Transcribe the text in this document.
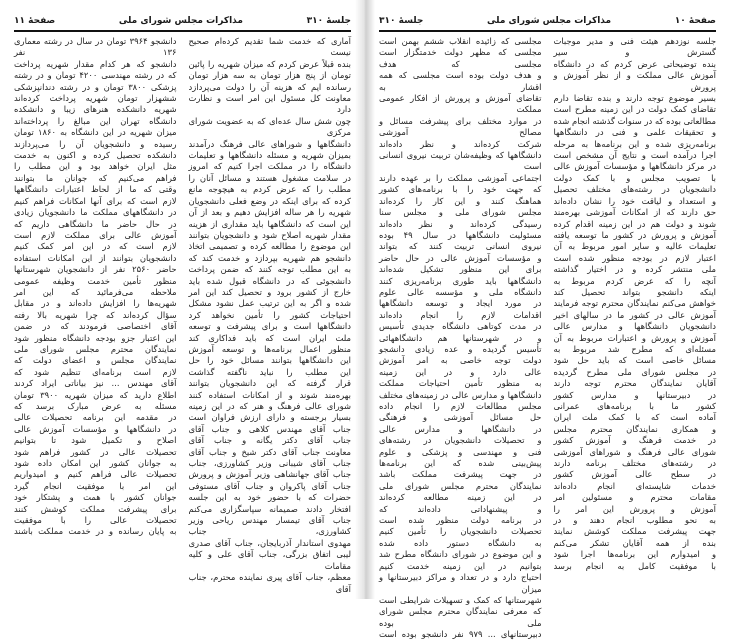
صفحهٔ ۱۱	مذاکرات مجلس شورای ملی	جلسهٔ ۳۱۰
آماری که خدمت شما تقدیم کرده‌ام صحیح نیست
بنده قبلاً عرض کردم که میزان شهریه را پائین
تومان از پنج هزار تومان به سه هزار تومان
رسانده ایم که هزینه آن را دولت می‌پردازد
معاونت کل مسئول این امر است و نظارت دارد
چون شش سال عده‌ای که به عضویت شورای مرکزی
دانشگاهها و شوراهای عالی فرهنگ درآمدند
بمیزان شهریه و مسئله دانشگاهها و تعلیمات
دانشگاه را در مملکت اجرا کنیم که امروز
در سلامت مشغول هستند و مسائل آنان را
مطلب را که عرض کردم به هیچوجه مانع
کرده که برای اینکه در وضع فعلی دانشجویان
شهریه را هر ساله افزایش دهیم و بعد از آن
این است که دانشگاهها باید مقداری از هزینه
مقدار شهریه اصلاح شود و دانشجویان بتوانند
این موضوع را مطالعه کرده و تصمیمی اتخاذ
دانشجو هم شهریه بپردازد و خدمت کند که
به این مطلب توجه کنند که ضمن پرداخت
دانشجوئی که در دانشگاه قبول شده باید
خارج از کشور برود و تحصیل کند این امر
شده و اگر به این ترتیب عمل نشود مشکل
احتیاجات کشور را تأمین نخواهد کرد
دانشگاهها است و برای پیشرفت و توسعه
ملت ایران است که باید فداکاری کند
منظور اعمال برنامه‌ها و توسعه آموزش
این دانشگاهها بتوانند مسائل خود را حل
این مطلب را نباید ناگفته گذاشت
قرار گرفته که این دانشجویان بتوانند
بهره‌مند شوند و از امکانات استفاده کنند
شورای عالی فرهنگ و هنر که در این زمینه
بسیار برجسته و دارای ارزش فراوان است
جناب آقای مهندس کلاهی و جناب آقای
جناب آقای دکتر یگانه و جناب آقای
معاونت جناب آقای دکتر شیخ و جناب آقای
جناب آقای شیبانی وزیر کشاورزی، جناب
جناب آقای جهانشاهی وزیر آموزش و پرورش
جناب آقای پاکروان و جناب آقای مستوفی
حضرات که با حضور خود به این جلسه
افتخار دادند صمیمانه سپاسگزاری می‌کنم
جناب آقای تیمسار مهندس ریاحی وزیر کشاورزی، جناب
مهدوی استاندار آذربایجان، جناب آقای صدری
لیبی اتفاق بزرگی، جناب آقای علی و کلیه مقامات
معظم، جناب آقای پیری نماینده محترم، جناب آقای
دانشجو ۳۹۶۴ تومان در سال در رشته معماری ۱۳۶ نفر
دانشجو که هر کدام مقدار شهریه پرداخت
که در رشته مهندسی ۴۲۰۰ تومان و در رشته
پزشکی ۳۸۰۰ تومان و در رشته دندانپزشکی
ششهزار تومان شهریه پرداخت کرده‌اند
شهریه دانشکده هنرهای زیبا و دانشکده
دانشگاه تهران این مبالغ را پرداخته‌اند
میزان شهریه در این دانشگاه به ۱۸۶۰ تومان
رسیده و دانشجویان آن را می‌پردازند
دانشکده تحصیل کرده و اکنون به خدمت
مثل ایران خواهد بود و این مطلب را
فراهم می‌کنیم که جوانان ما بتوانند
وقتی که ما از لحاظ اعتبارات دانشگاهها
لازم است که برای آنها امکانات فراهم کنیم
در دانشگاههای مملکت ما دانشجویان زیادی
در حال حاضر ما دانشگاهی داریم که
آموزش عالی برای مملکت لازم است
لازم است که در این امر کمک کنیم
دانشجویان بتوانند از این امکانات استفاده
حاضر ۲۵۶۰ نفر از دانشجویان شهرستانها
منظور تأمین خدمت وظیفه عمومی
ملاحظه می‌فرمائید که این امر
شهریه‌ها را افزایش داده‌اند و در مقابل
سؤال کرده‌اند که چرا شهریه بالا رفته
آقای اختصاصی فرمودند که در ضمن
این اعتبار جزو بودجه دانشگاه منظور شود
نمایندگان محترم مجلس شورای ملی
نمایندگان مجلس و اعضای دولت که
لازم است برنامه‌ای تنظیم شود که
آقای مهندس ... نیز بیاناتی ایراد کردند
اطلاع دارید که میزان شهریه ۳۹۰۰ تومان
مسئله به عرض مبارک برسد که
در مقدمه این برنامه تحصیلات عالی
در دانشگاهها و مؤسسات آموزش عالی
اصلاح و تکمیل شود تا بتوانیم
تحصیلات عالی در کشور فراهم شود
به جوانان کشور این امکان داده شود
تحصیلات عالی فراهم کنیم و امیدواریم
این امر با موفقیت انجام گیرد
جوانان کشور با همت و پشتکار خود
برای پیشرفت مملکت کوشش کنند
تحصیلات عالی را با موفقیت
به پایان رسانده و در خدمت مملکت باشند
جلسهٔ ۳۱۰	مذاکرات مجلس شورای ملی	صفحهٔ ۱۰
جلسه نوزدهم هیئت فنی و مدیر موجبات گسترش و سیر
بنده توضیحاتی عرض کردم که در دانشگاه
آموزش عالی مملکت و از نظر آموزش و پرورش
بسیر موضوع توجه دارند و بنده تقاضا دارم
تقاضای کمک دولت در این زمینه مطرح است
مطالعاتی بوده که در سنوات گذشته انجام شده
و تحقیقات علمی و فنی در دانشگاهها
برنامه‌ریزی شده و این برنامه‌ها به مرحله
اجرا درآمده است و نتایج آن مشخص است
در مرکز دانشگاهها و مؤسسات آموزش عالی
با تصویب مجلس و با کمک دولت
دانشجویان در رشته‌های مختلف تحصیل
و استعداد و لیاقت خود را نشان داده‌اند
حق دارند که از امکانات آموزشی بهره‌مند
شوند و دولت هم در این زمینه اقدام کرده
آموزش و پرورش در کشور ما توسعه یافته
تعلیمات عالیه و سایر امور مربوط به آن
اعتبار لازم در بودجه منظور شده است
ملی منتشر کرده و در اختیار گذاشته
آنچه را که عرض کردم مربوط به
اینکه دانشجو بتواند تحصیل کند
خواهش می‌کنم نمایندگان محترم توجه فرمایند
آموزش عالی در کشور ما در سالهای اخیر
دانشجویان دانشگاهها و مدارس عالی
آموزش و پرورش و اعتبارات مربوط به آن
مسئله‌ای که مطرح شد مربوط به
مسائل خاصی است که باید حل شود
در مجلس شورای ملی مطرح گردیده
آقایان نمایندگان محترم توجه دارند
در دبیرستانها و مدارس کشور
کشور ما با برنامه‌های عمرانی
آماده است که با کمک ملت ایران
و همکاری نمایندگان محترم مجلس
در خدمت فرهنگ و آموزش کشور
شورای عالی فرهنگ و شوراهای آموزشی
در رشته‌های مختلف برنامه دارند
در سطح عالی آموزش کشور
خدمات شایسته‌ای انجام داده‌اند
مقامات محترم و مسئولین امر
آموزش و پرورش این امر را
به نحو مطلوب انجام دهند و در
جهت پیشرفت مملکت کوشش نمایند
بنده از همه آقایان تشکر می‌کنم
و امیدوارم این برنامه‌ها اجرا شود
با موفقیت کامل به انجام برسد
مجلسی که زائیده انقلاب ششم بهمن است
مجلسی که مظهر دولت خدمتگزار است مجلسی که هدف
و هدف دولت بوده است مجلسی که همه اقشار به
تقاضای آموزش و پرورش از افکار عمومی مملکت
در موارد مختلف برای پیشرفت مسائل و مصالح آموزشی
شرکت کرده‌اند و نظر داده‌اند
دانشگاهها که وظیفه‌شان تربیت نیروی انسانی است
اجتماعی آموزشی مملکت را بر عهده دارند
که جهت خود را با برنامه‌های کشور
هماهنگ کنند و این کار را کرده‌اند
مجلس شورای ملی و مجلس سنا
رسیدگی کرده‌اند و نظر داده‌اند
مسئولیت دانشگاهها در سال ۴۹ بوده
نیروی انسانی تربیت کنند که بتواند
و مؤسسات آموزش عالی در حال حاضر
برای این منظور تشکیل شده‌اند
دانشگاهها باید طوری برنامه‌ریزی کنند
دانشگاه ملی و مؤسسه عالی علوم
در مورد ایجاد و توسعه دانشگاهها
اقدامات لازم را انجام داده‌اند
در مدت کوتاهی دانشگاه جدیدی تأسیس
و در شهرستانها هم دانشگاههائی
تأسیس گردیده و عده زیادی دانشجو
دولت توجه خاصی به امر آموزش
عالی دارد و در این زمینه
به منظور تأمین احتیاجات مملکت
دانشگاهها و مدارس عالی در زمینه‌های مختلف
مجلس مطالعات لازم را انجام داده
حل مسائل آموزشی و فرهنگی
در دانشگاهها و مدارس عالی
و تحصیلات دانشجویان در رشته‌های
فنی و مهندسی و پزشکی و علوم
پیش‌بینی شده که این برنامه‌ها
در جهت پیشرفت مملکت باشد
نمایندگان محترم مجلس شورای ملی
در این زمینه مطالعه کرده‌اند
و پیشنهاداتی داده‌اند که
در برنامه دولت منظور شده است
تحصیلات دانشجویان را تأمین کنیم
به دانشگاه دستور داده شده
و این موضوع در شورای دانشگاه مطرح شد
بتوانیم در این زمینه خدمت کنیم
احتیاج دارد و در تعداد و مراکز دبیرستانها و میزان
شهرستانها که کمک و تسهیلات شرایطی است
که معرفی نمایندگان محترم مجلس شورای ملی بوده
دبیرستانهای ... ۹۷۹ نفر دانشجو بوده است
